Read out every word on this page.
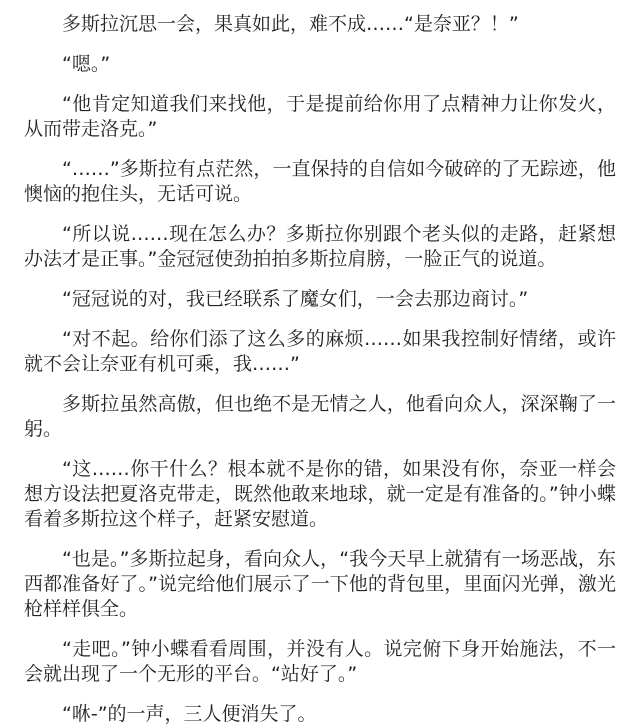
多斯拉沉思一会，果真如此，难不成……“是奈亚？！”

“嗯。”

“他肯定知道我们来找他，于是提前给你用了点精神力让你发火，从而带走洛克。”

“……”多斯拉有点茫然，一直保持的自信如今破碎的了无踪迹，他懊恼的抱住头，无话可说。

“所以说……现在怎么办？多斯拉你别跟个老头似的走路，赶紧想办法才是正事。”金冠冠使劲拍拍多斯拉肩膀，一脸正气的说道。

“冠冠说的对，我已经联系了魔女们，一会去那边商讨。”

“对不起。给你们添了这么多的麻烦……如果我控制好情绪，或许就不会让奈亚有机可乘，我……”

多斯拉虽然高傲，但也绝不是无情之人，他看向众人，深深鞠了一躬。

“这……你干什么？根本就不是你的错，如果没有你，奈亚一样会想方设法把夏洛克带走，既然他敢来地球，就一定是有准备的。”钟小蝶看着多斯拉这个样子，赶紧安慰道。

“也是。”多斯拉起身，看向众人，“我今天早上就猜有一场恶战，东西都准备好了。”说完给他们展示了一下他的背包里，里面闪光弹，激光枪样样俱全。

“走吧。”钟小蝶看看周围，并没有人。说完俯下身开始施法，不一会就出现了一个无形的平台。“站好了。”

“咻-”的一声，三人便消失了。
